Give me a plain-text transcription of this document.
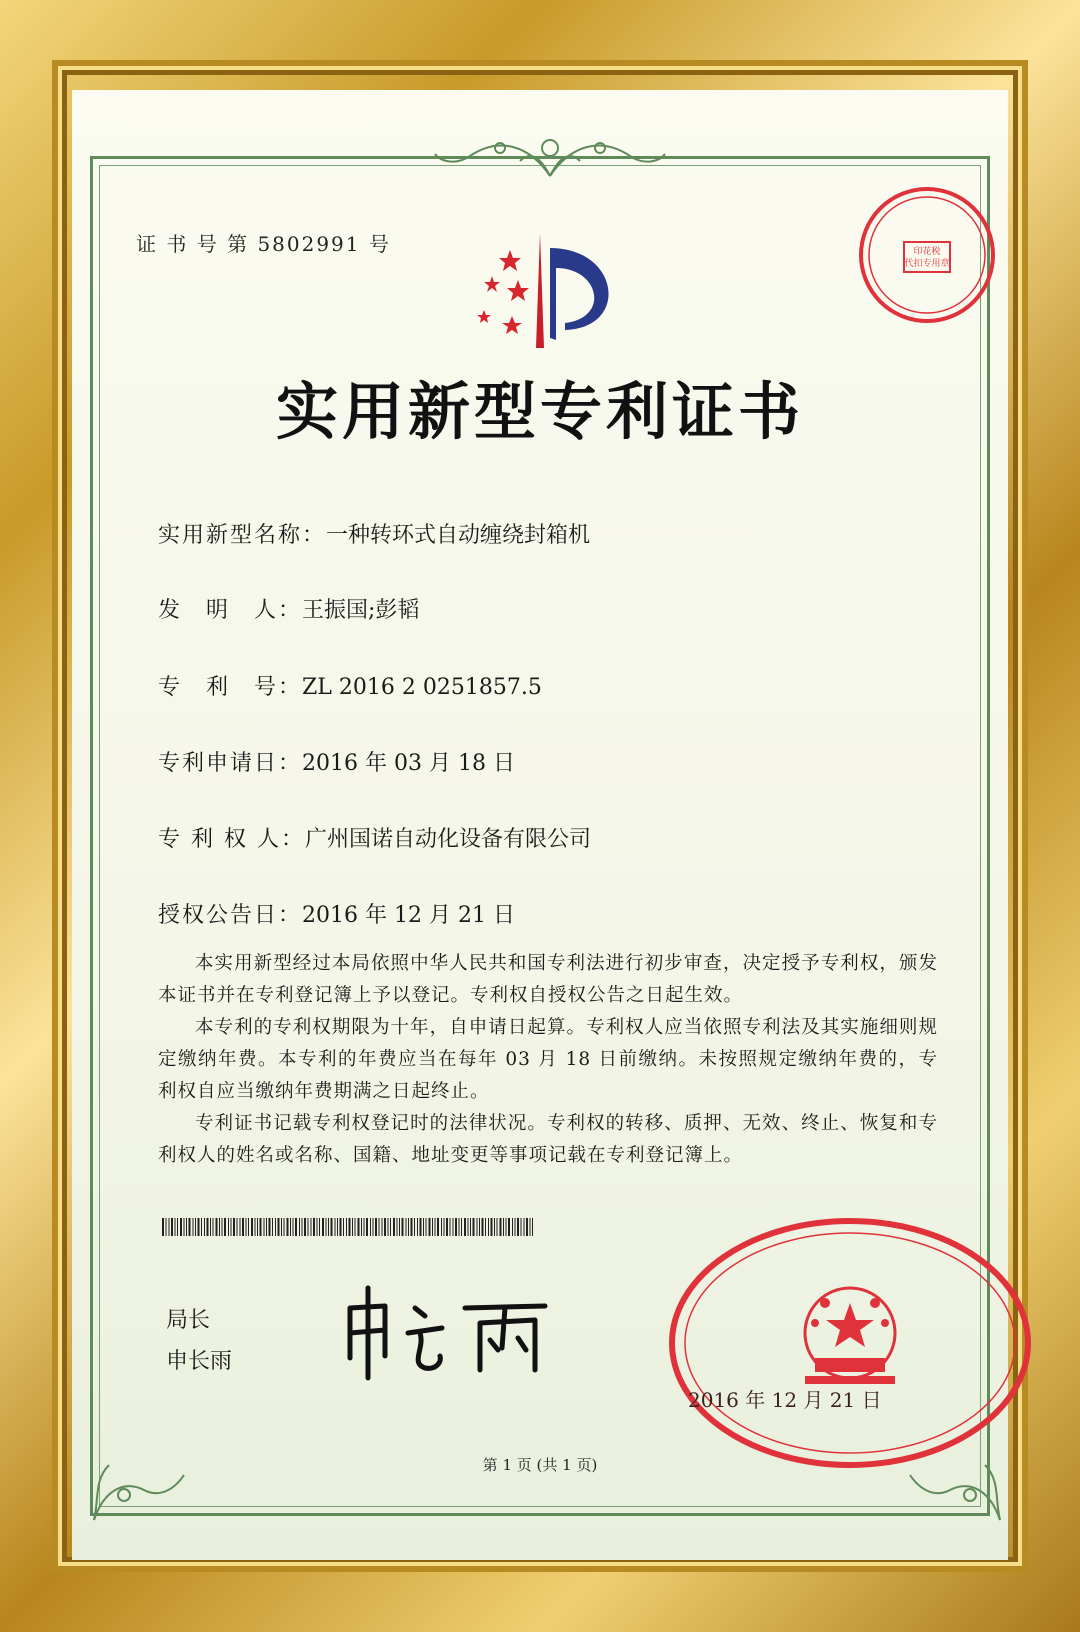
证 书 号 第 5802991 号	印花税
代扣专用章
实用新型专利证书
实用新型名称：一种转环式自动缠绕封箱机
发　明　人：王振国;彭韬
专　利　号：ZL 2016 2 0251857.5
专利申请日：2016 年 03 月 18 日
专 利 权 人：广州国诺自动化设备有限公司
授权公告日：2016 年 12 月 21 日
本实用新型经过本局依照中华人民共和国专利法进行初步审查，决定授予专利权，颁发本证书并在专利登记簿上予以登记。专利权自授权公告之日起生效。
本专利的专利权期限为十年，自申请日起算。专利权人应当依照专利法及其实施细则规定缴纳年费。本专利的年费应当在每年 03 月 18 日前缴纳。未按照规定缴纳年费的，专利权自应当缴纳年费期满之日起终止。
专利证书记载专利权登记时的法律状况。专利权的转移、质押、无效、终止、恢复和专利权人的姓名或名称、国籍、地址变更等事项记载在专利登记簿上。
局长
申长雨
2016 年 12 月 21 日
第 1 页 (共 1 页)
